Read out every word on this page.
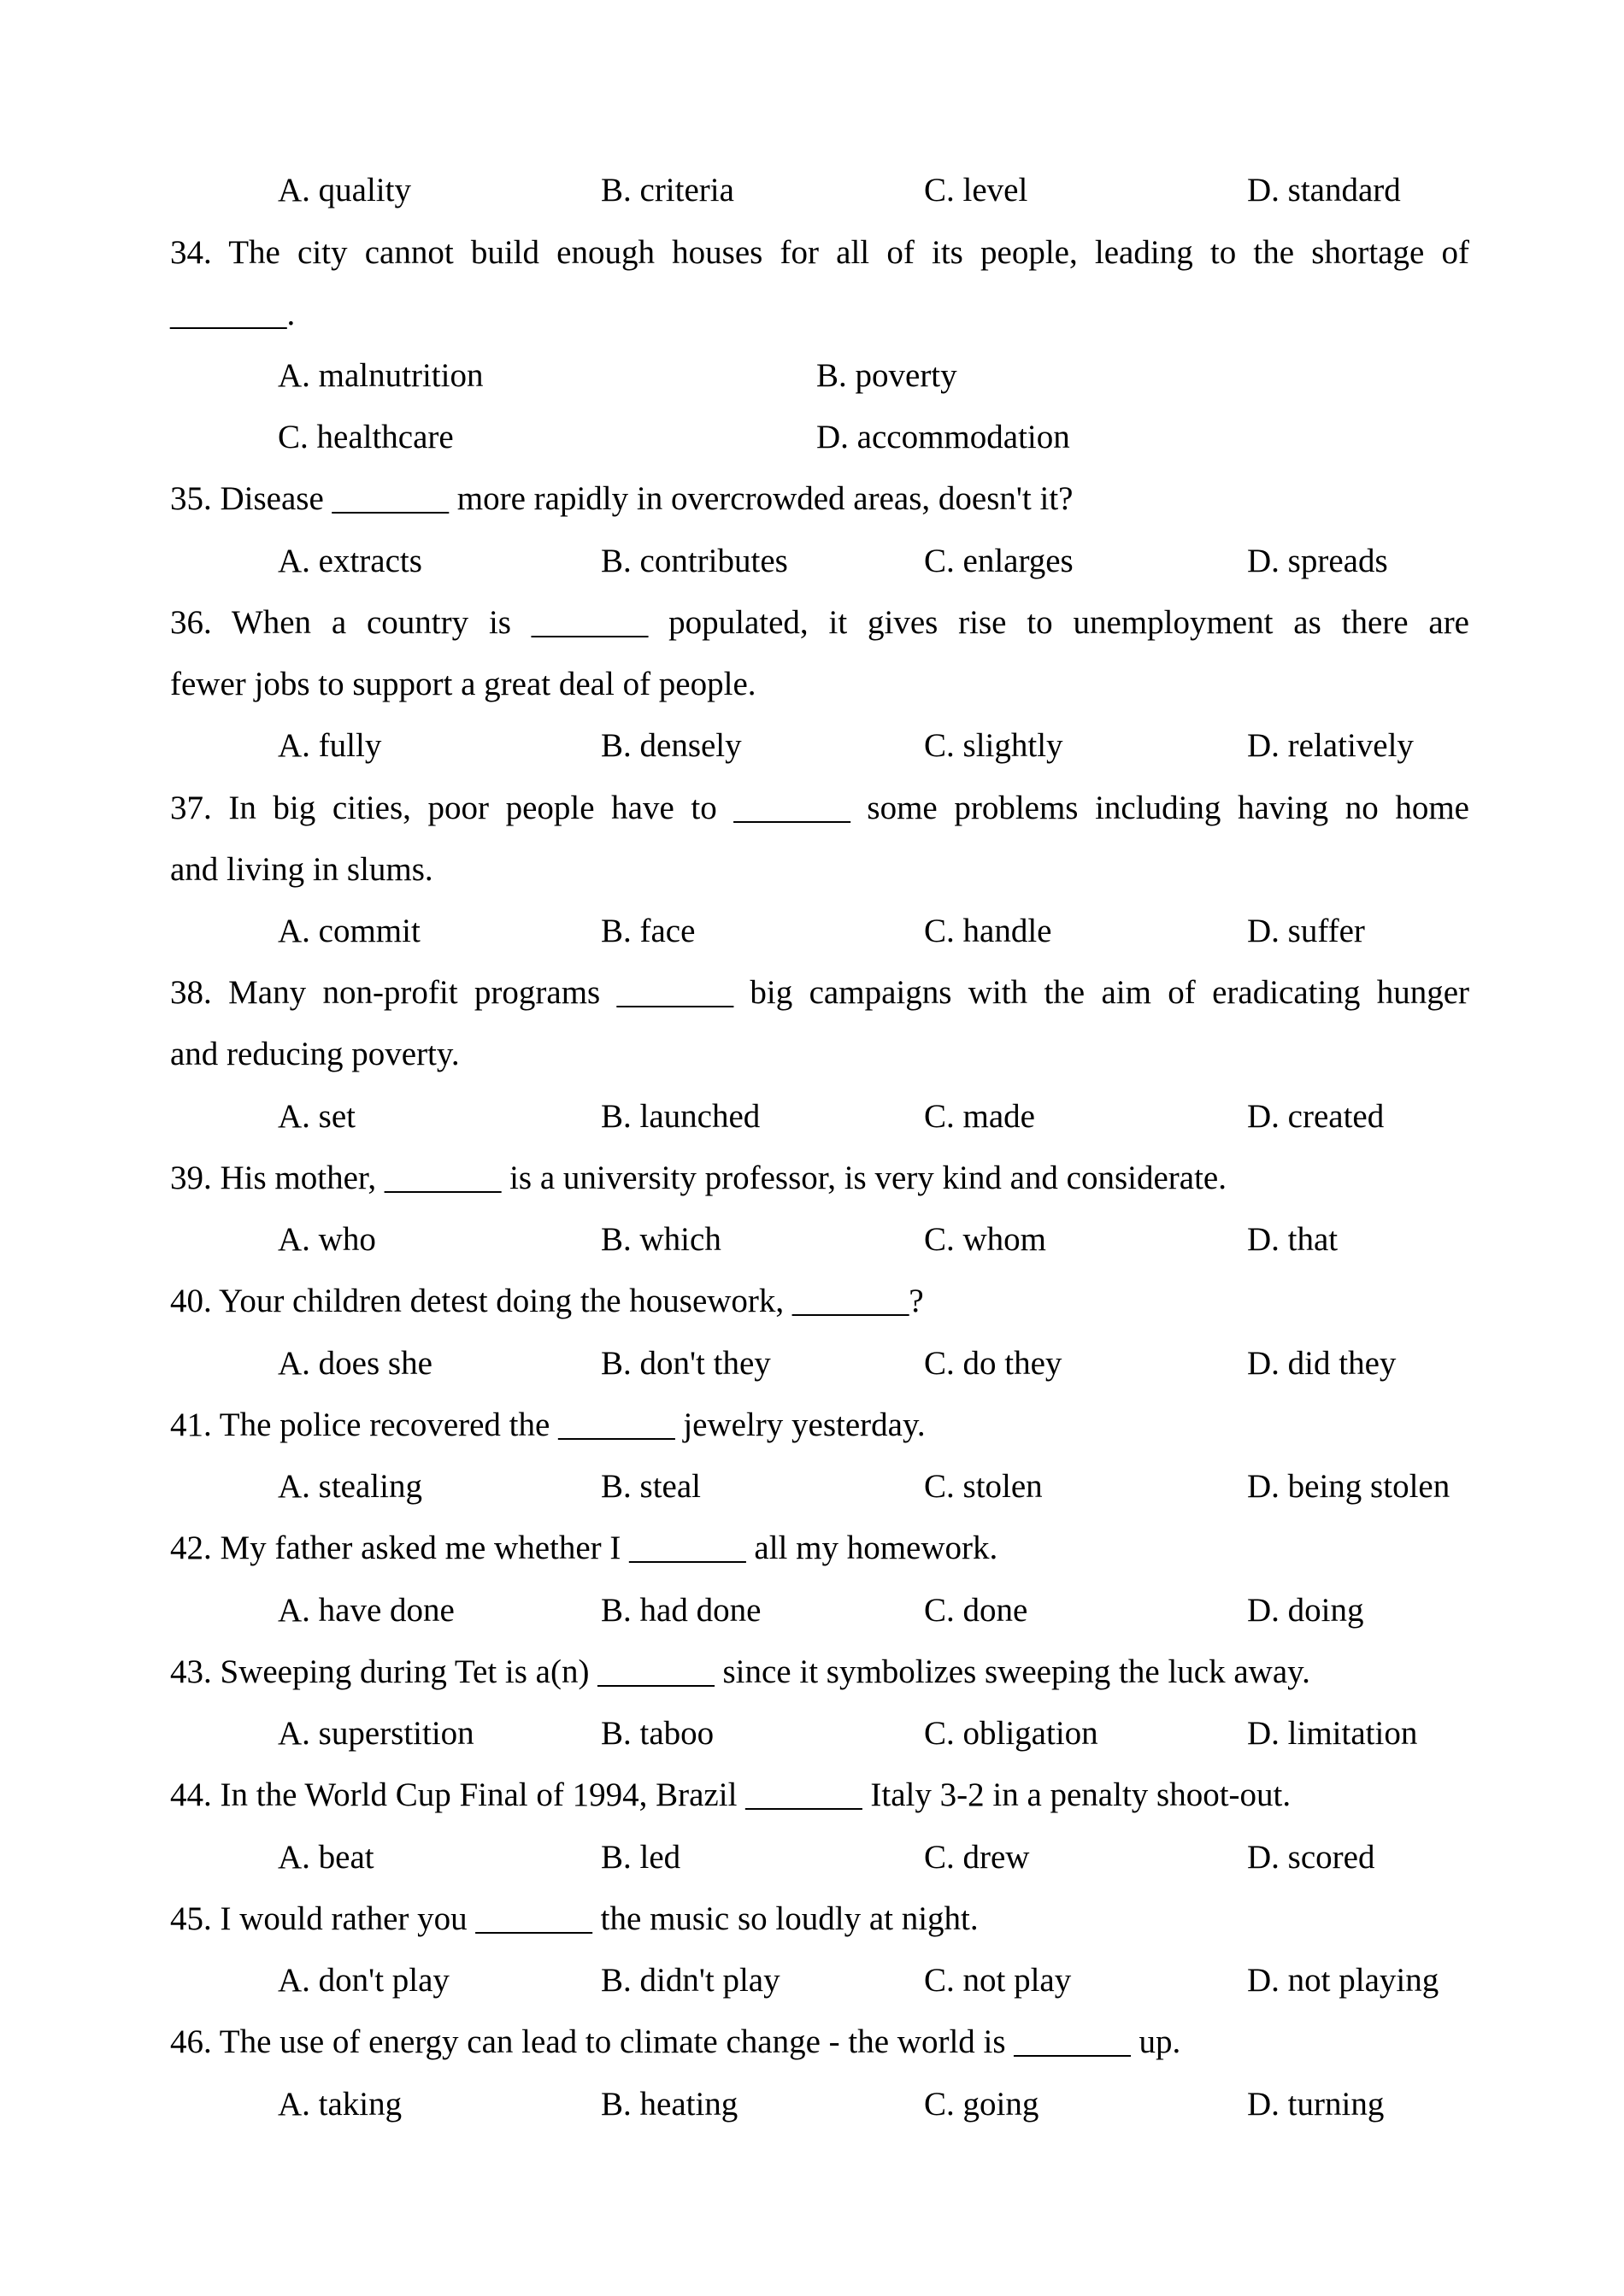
A. quality	B. criteria	C. level	D. standard
34. The city cannot build enough houses for all of its people, leading to the shortage of
_______.
A. malnutrition	B. poverty
C. healthcare	D. accommodation
35. Disease _______ more rapidly in overcrowded areas, doesn't it?
A. extracts	B. contributes	C. enlarges	D. spreads
36. When a country is _______ populated, it gives rise to unemployment as there are
fewer jobs to support a great deal of people.
A. fully	B. densely	C. slightly	D. relatively
37. In big cities, poor people have to _______ some problems including having no home
and living in slums.
A. commit	B. face	C. handle	D. suffer
38. Many non-profit programs _______ big campaigns with the aim of eradicating hunger
and reducing poverty.
A. set	B. launched	C. made	D. created
39. His mother, _______ is a university professor, is very kind and considerate.
A. who	B. which	C. whom	D. that
40. Your children detest doing the housework, _______?
A. does she	B. don't they	C. do they	D. did they
41. The police recovered the _______ jewelry yesterday.
A. stealing	B. steal	C. stolen	D. being stolen
42. My father asked me whether I _______ all my homework.
A. have done	B. had done	C. done	D. doing
43. Sweeping during Tet is a(n) _______ since it symbolizes sweeping the luck away.
A. superstition	B. taboo	C. obligation	D. limitation
44. In the World Cup Final of 1994, Brazil _______ Italy 3-2 in a penalty shoot-out.
A. beat	B. led	C. drew	D. scored
45. I would rather you _______ the music so loudly at night.
A. don't play	B. didn't play	C. not play	D. not playing
46. The use of energy can lead to climate change - the world is _______ up.
A. taking	B. heating	C. going	D. turning
